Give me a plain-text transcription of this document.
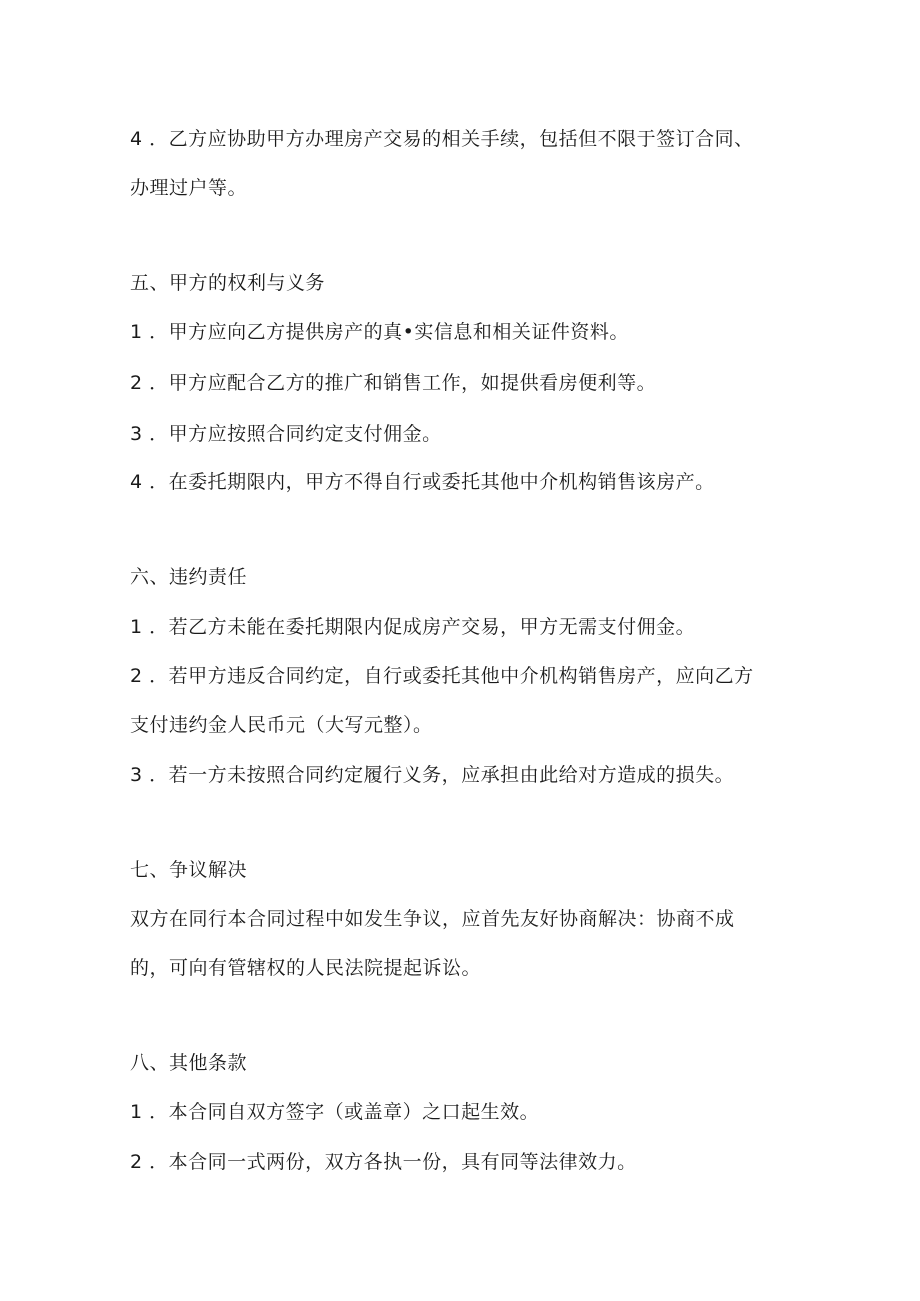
4 ．乙方应协助甲方办理房产交易的相关手续，包括但不限于签订合同、
办理过户等。
五、甲方的权利与义务
1 ．甲方应向乙方提供房产的真•实信息和相关证件资料。
2 ．甲方应配合乙方的推广和销售工作，如提供看房便利等。
3 ．甲方应按照合同约定支付佣金。
4 ．在委托期限内，甲方不得自行或委托其他中介机构销售该房产。
六、违约责任
1 ．若乙方未能在委托期限内促成房产交易，甲方无需支付佣金。
2 ．若甲方违反合同约定，自行或委托其他中介机构销售房产，应向乙方
支付违约金人民币元（大写元整）。
3 ．若一方未按照合同约定履行义务，应承担由此给对方造成的损失。
七、争议解决
双方在同行本合同过程中如发生争议，应首先友好协商解决：协商不成
的，可向有管辖权的人民法院提起诉讼。
八、其他条款
1 ．本合同自双方签字（或盖章）之口起生效。
2 ．本合同一式两份，双方各执一份，具有同等法律效力。
